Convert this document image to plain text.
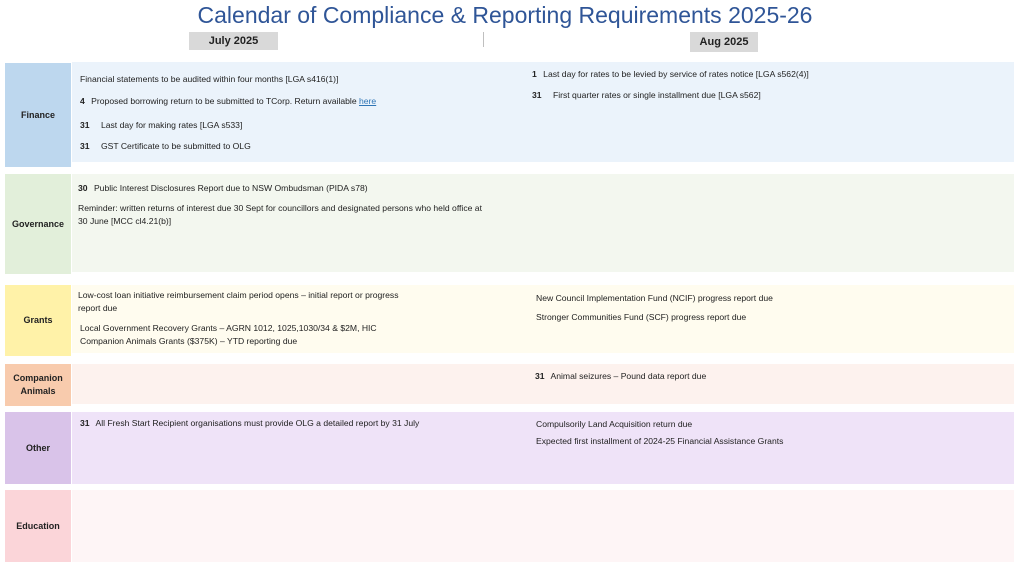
Calendar of Compliance & Reporting Requirements 2025-26
July 2025	Aug 2025
Finance
Financial statements to be audited within four months [LGA s416(1)]
4 Proposed borrowing return to be submitted to TCorp. Return available here
31 Last day for making rates [LGA s533]
31 GST Certificate to be submitted to OLG
1 Last day for rates to be levied by service of rates notice [LGA s562(4)]
31 First quarter rates or single installment due [LGA s562]
Governance
30 Public Interest Disclosures Report due to NSW Ombudsman (PIDA s78)
Reminder: written returns of interest due 30 Sept for councillors and designated persons who held office at 30 June [MCC cl4.21(b)]
Grants
Low-cost loan initiative reimbursement claim period opens – initial report or progress report due
Local Government Recovery Grants – AGRN 1012, 1025,1030/34 & $2M, HIC Companion Animals Grants ($375K) – YTD reporting due
New Council Implementation Fund (NCIF) progress report due
Stronger Communities Fund (SCF) progress report due
Companion Animals
31 Animal seizures – Pound data report due
Other
31 All Fresh Start Recipient organisations must provide OLG a detailed report by 31 July	Compulsorily Land Acquisition return due
Expected first installment of 2024-25 Financial Assistance Grants
Education
